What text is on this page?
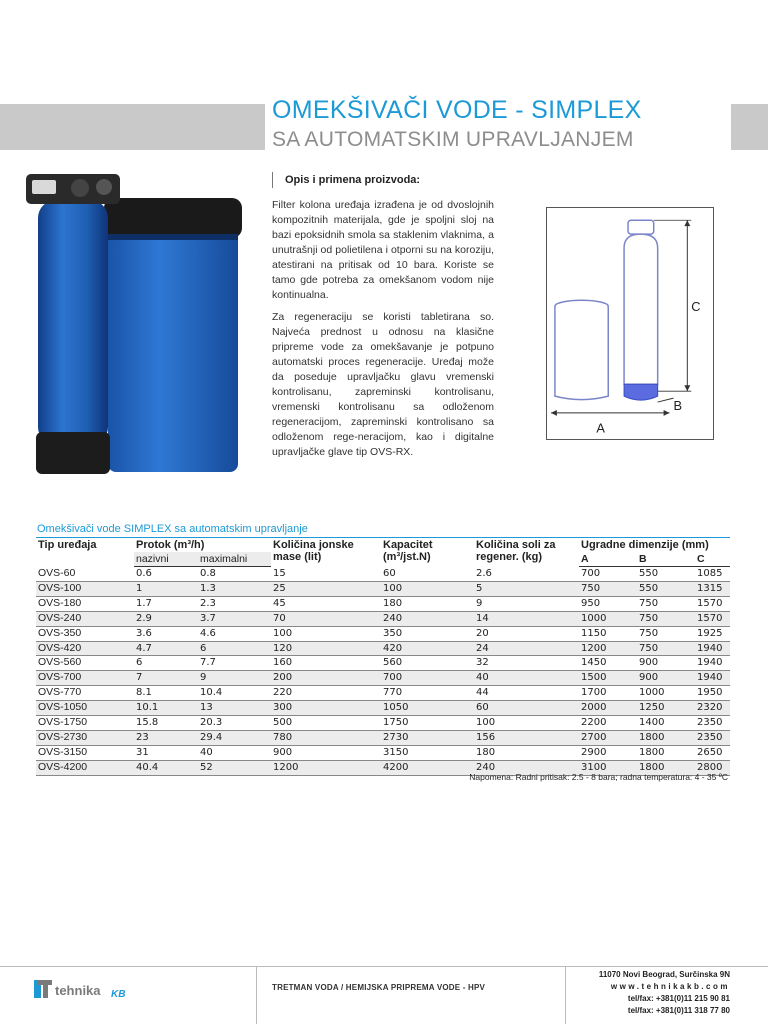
OMEKŠIVAČI VODE - SIMPLEX
SA AUTOMATSKIM UPRAVLJANJEM
Opis i primena proizvoda:

Filter kolona uređaja izrađena je od dvoslojnih kompozitnih materijala, gde je spoljni sloj na bazi epoksidnih smola sa staklenim vlaknima, a unutrašnji od polietilena i otporni su na koroziju, atestirani na pritisak od 10 bara. Koriste se tamo gde potreba za omekšanom vodom nije kontinualna.

Za regeneraciju se koristi tabletirana so. Najveća prednost u odnosu na klasične pripreme vode za omekšavanje je potpuno automatski proces regeneracije. Uređaj može da poseduje upravljačku glavu vremenski kontrolisanu, zapreminski kontrolisanu, vremenski kontrolisanu sa odloženom regeneracijom, zapreminski kontrolisano sa odloženom rege-neracijom, kao i digitalne upravljačke glave tip OVS-RX.

A
B
C
Omekšivači vode SIMPLEX sa automatskim upravljanje
Tip uređaja	Protok (m³/h)		Količina jonske mase (lit)	Kapacitet (m³/jst.N)	Količina soli za regener. (kg)	Ugradne dimenzije (mm)		
	nazivni	maximalni				A	B	C
OVS-60	0.6	0.8	15	60	2.6	700	550	1085
OVS-100	1	1.3	25	100	5	750	550	1315
OVS-180	1.7	2.3	45	180	9	950	750	1570
OVS-240	2.9	3.7	70	240	14	1000	750	1570
OVS-350	3.6	4.6	100	350	20	1150	750	1925
OVS-420	4.7	6	120	420	24	1200	750	1940
OVS-560	6	7.7	160	560	32	1450	900	1940
OVS-700	7	9	200	700	40	1500	900	1940
OVS-770	8.1	10.4	220	770	44	1700	1000	1950
OVS-1050	10.1	13	300	1050	60	2000	1250	2320
OVS-1750	15.8	20.3	500	1750	100	2200	1400	2350
OVS-2730	23	29.4	780	2730	156	2700	1800	2350
OVS-3150	31	40	900	3150	180	2900	1800	2650
OVS-4200	40.4	52	1200	4200	240	3100	1800	2800
Napomena: Radni pritisak: 2.5 - 8 bara; radna temperatura: 4 - 35 ºC
tehnika KB
TRETMAN VODA / HEMIJSKA PRIPREMA VODE - HPV
11070 Novi Beograd, Surčinska 9N
www.tehnikakb.com
tel/fax: +381(0)11 215 90 81
tel/fax: +381(0)11 318 77 80
